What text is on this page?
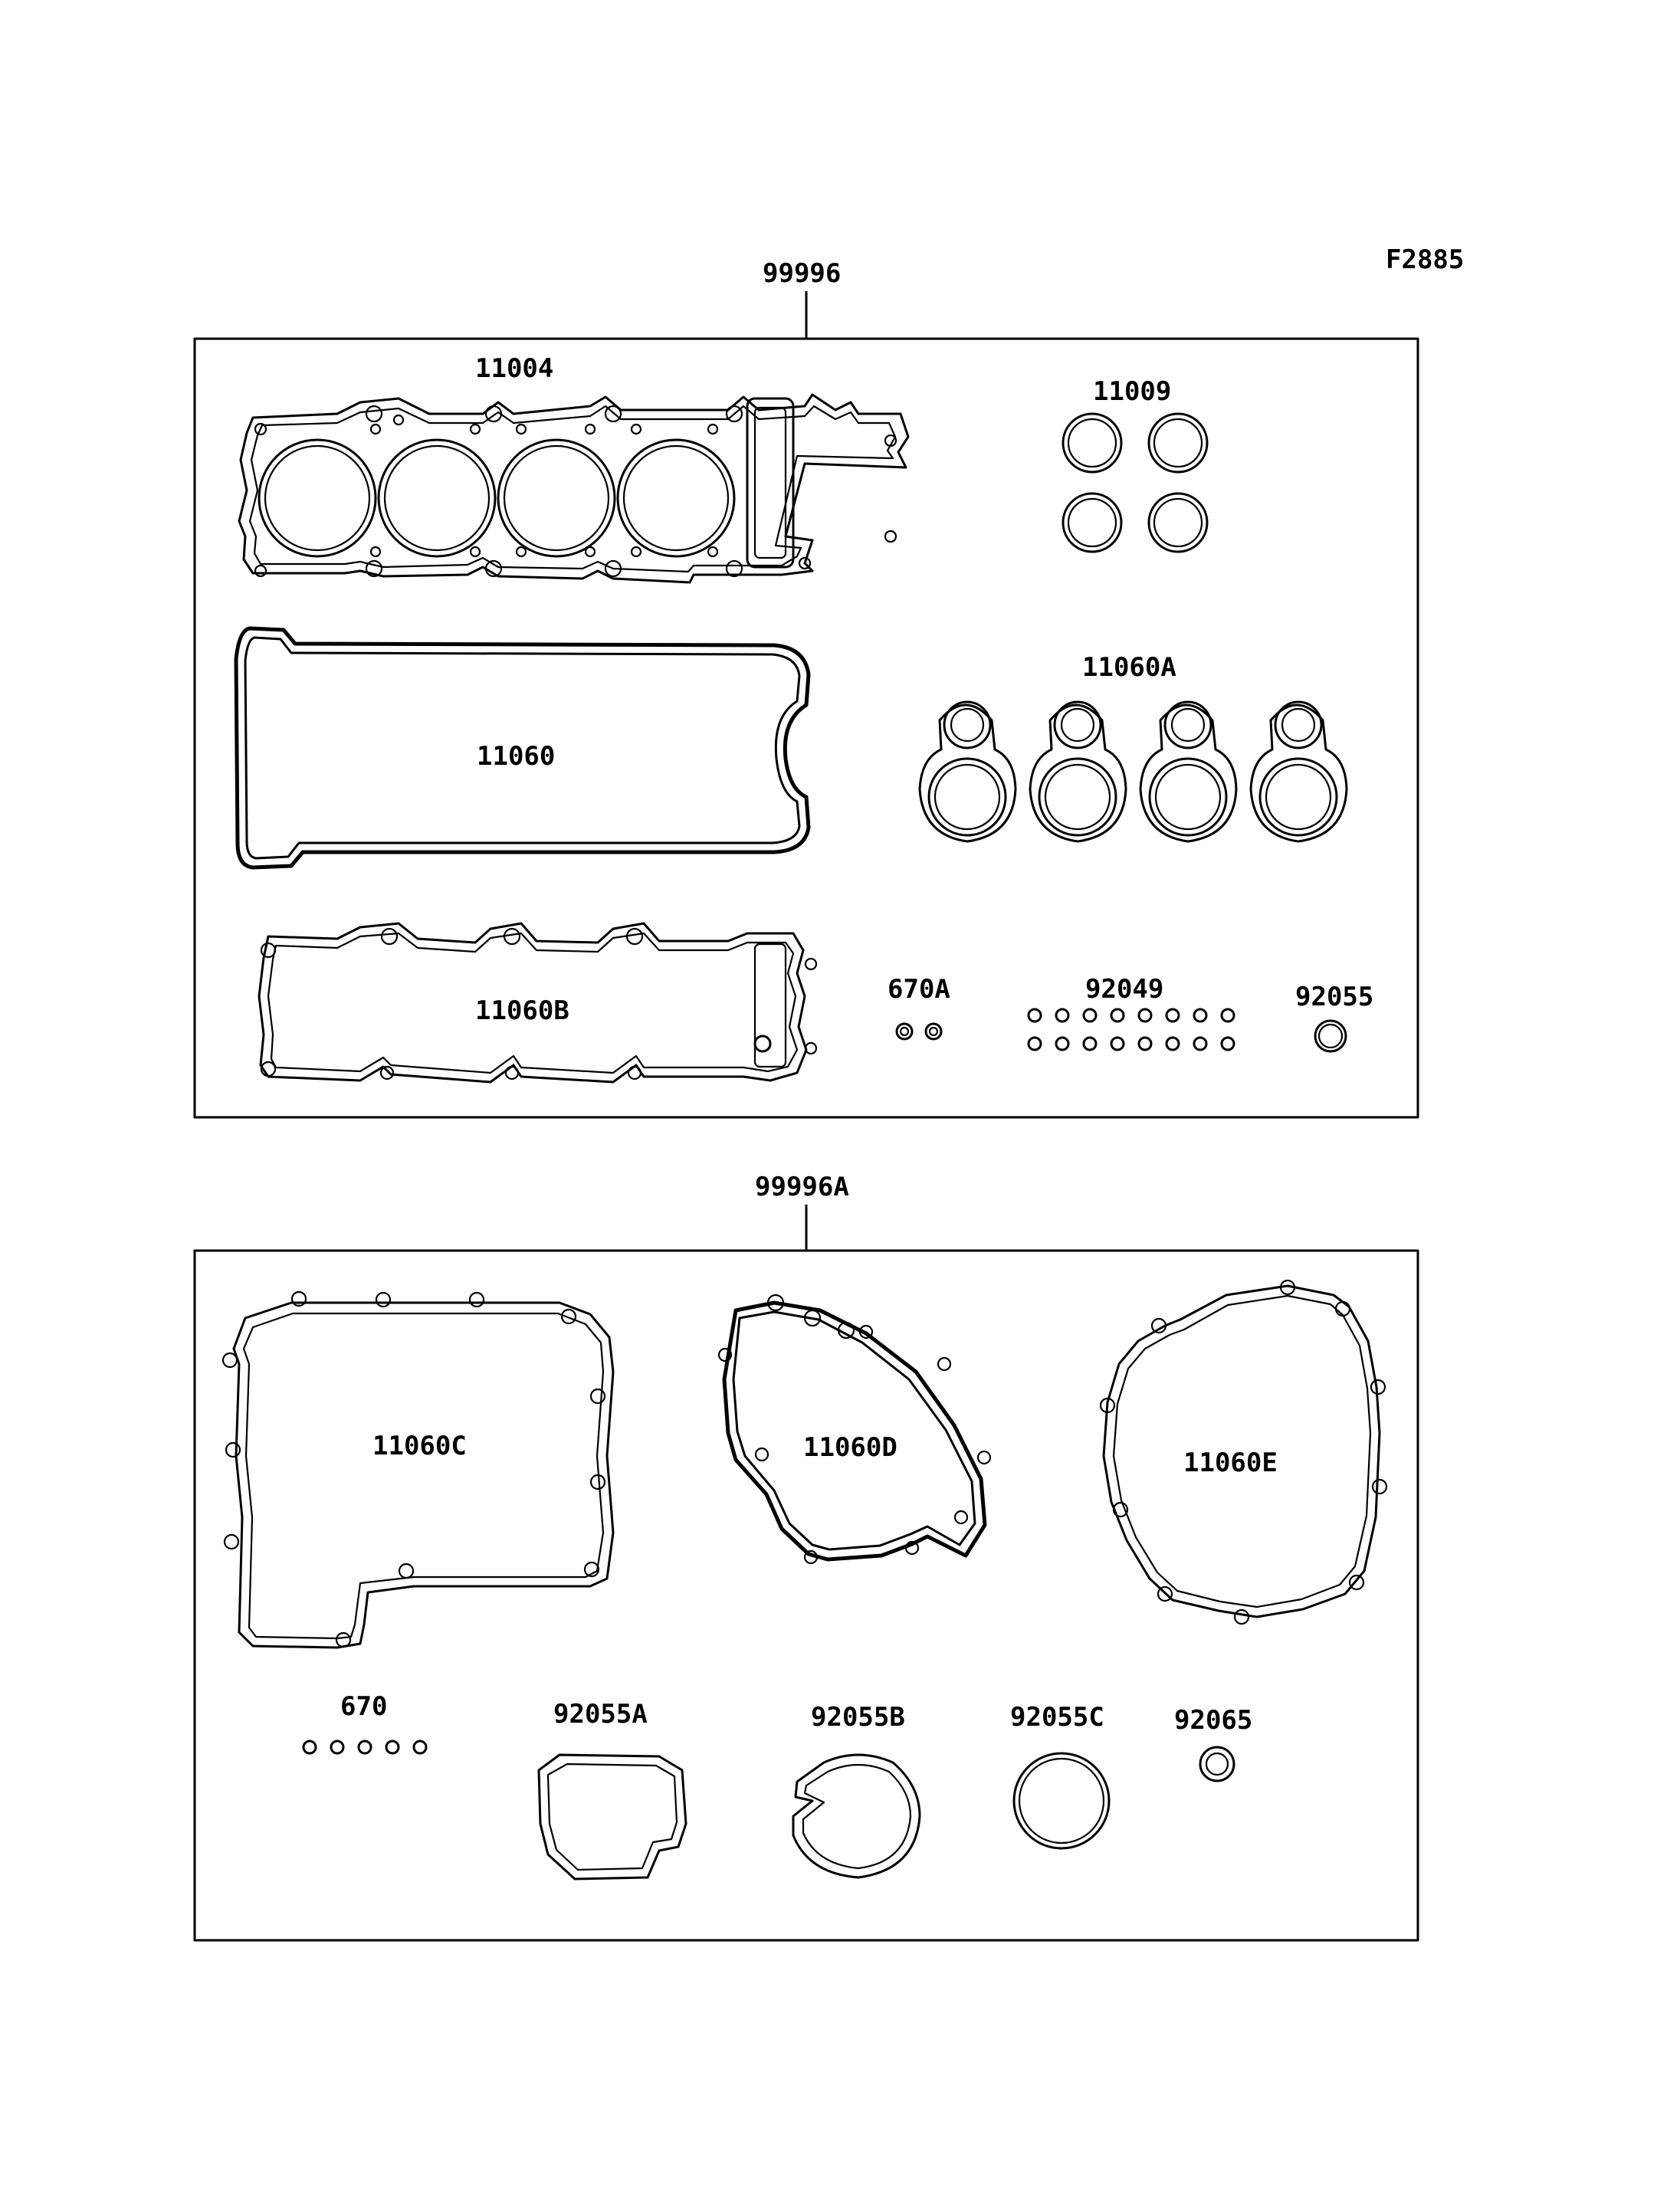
F2885
99996
11004
11009
11060
11060A
11060B
670A	92049	92055
99996A
11060C	11060D	11060E
670	92055A	92055B	92055C	92065
